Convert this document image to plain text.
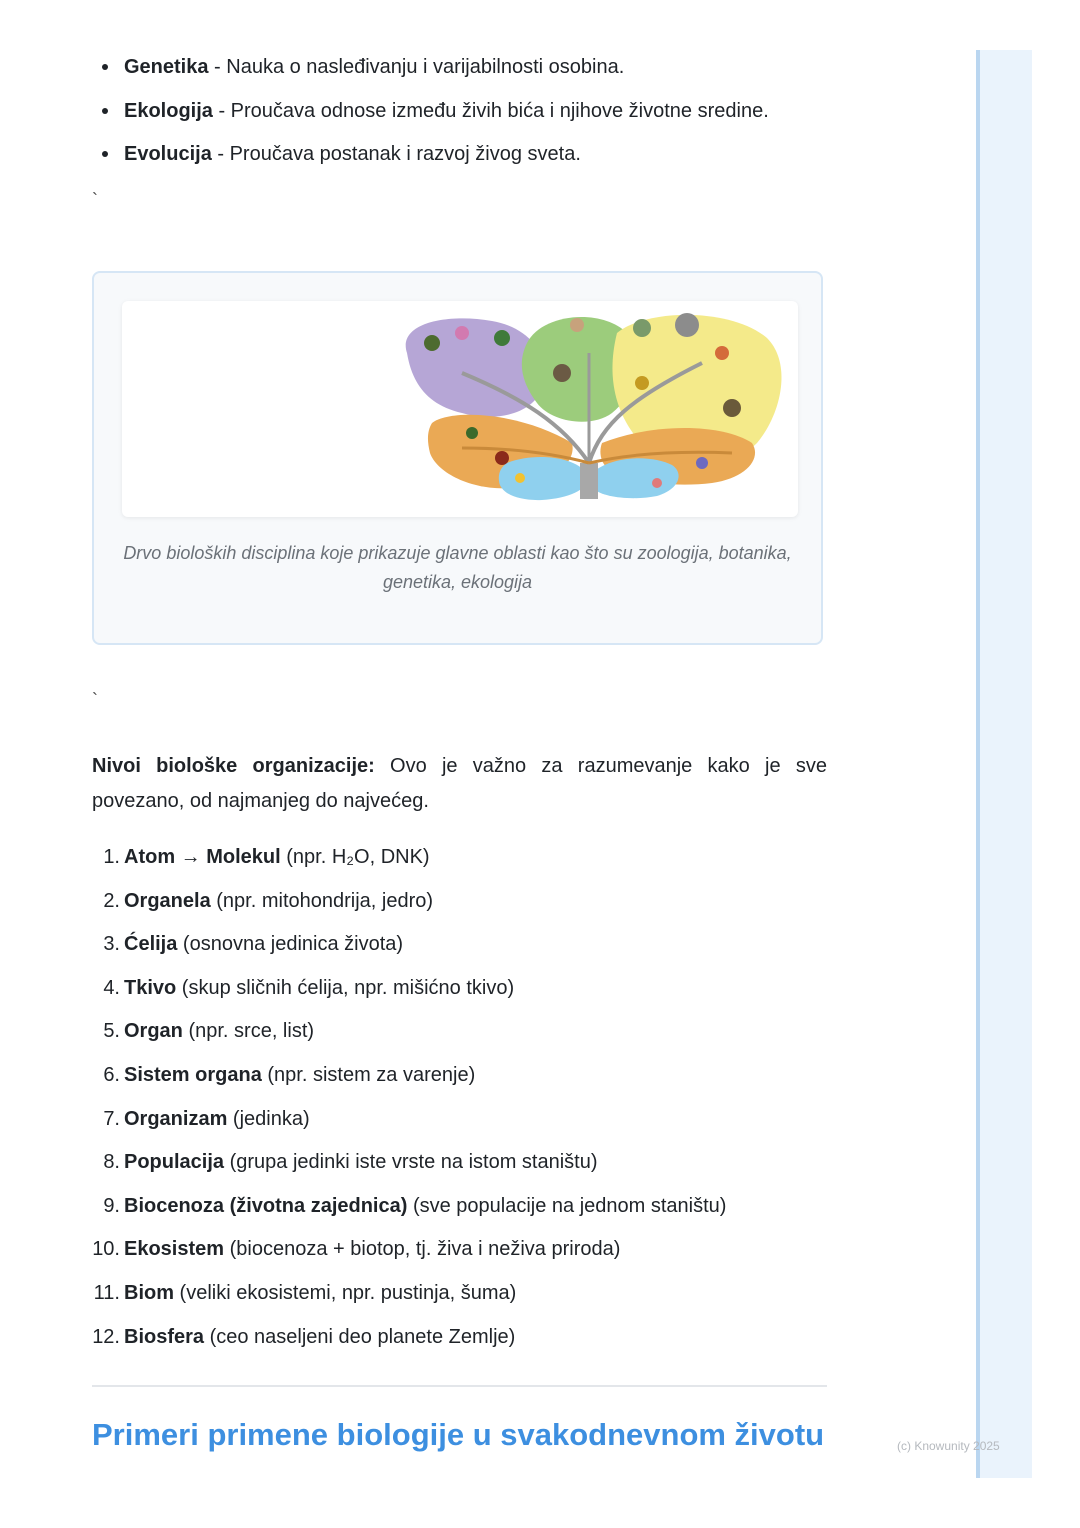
Genetika - Nauka o nasleđivanju i varijabilnosti osobina.
Ekologija - Proučava odnose između živih bića i njihove životne sredine.
Evolucija - Proučava postanak i razvoj živog sveta.
`
Drvo bioloških disciplina koje prikazuje glavne oblasti kao što su zoologija, botanika, genetika, ekologija
`

Nivoi biološke organizacije: Ovo je važno za razumevanje kako je sve povezano, od najmanjeg do najvećeg.

1. Atom → Molekul (npr. H₂O, DNK)
2. Organela (npr. mitohondrija, jedro)
3. Ćelija (osnovna jedinica života)
4. Tkivo (skup sličnih ćelija, npr. mišićno tkivo)
5. Organ (npr. srce, list)
6. Sistem organa (npr. sistem za varenje)
7. Organizam (jedinka)
8. Populacija (grupa jedinki iste vrste na istom staništu)
9. Biocenoza (životna zajednica) (sve populacije na jednom staništu)
10. Ekosistem (biocenoza + biotop, tj. živa i neživa priroda)
11. Biom (veliki ekosistemi, npr. pustinja, šuma)
12. Biosfera (ceo naseljeni deo planete Zemlje)
Primeri primene biologije u svakodnevnom životu	(c) Knowunity 2025
